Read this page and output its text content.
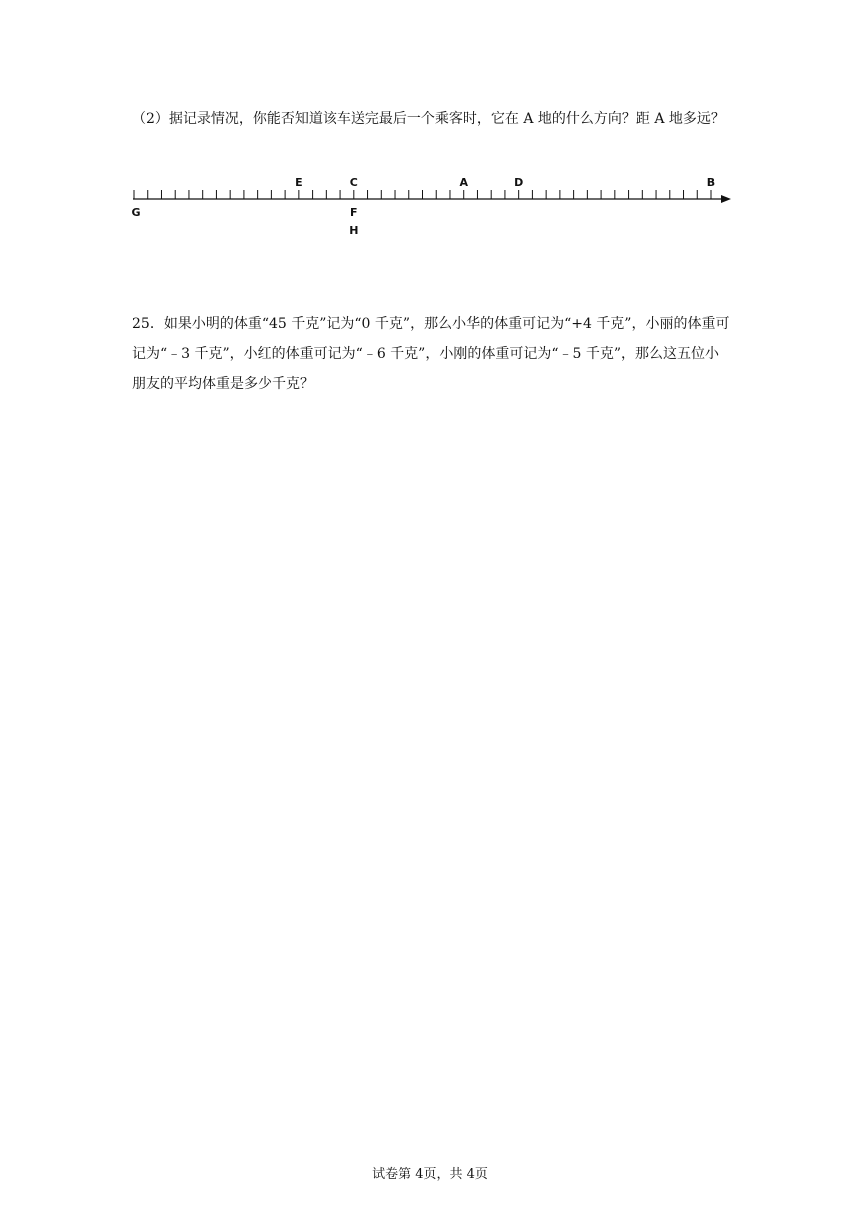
（2）据记录情况，你能否知道该车送完最后一个乘客时，它在 A 地的什么方向？距 A 地多远？

E	C	A	D	B
G	F
H

25．如果小明的体重“45 千克”记为“0 千克”，那么小华的体重可记为“+4 千克”，小丽的体重可记为“﹣3 千克”，小红的体重可记为“﹣6 千克”，小刚的体重可记为“﹣5 千克”，那么这五位小朋友的平均体重是多少千克？

试卷第 4页，共 4页
